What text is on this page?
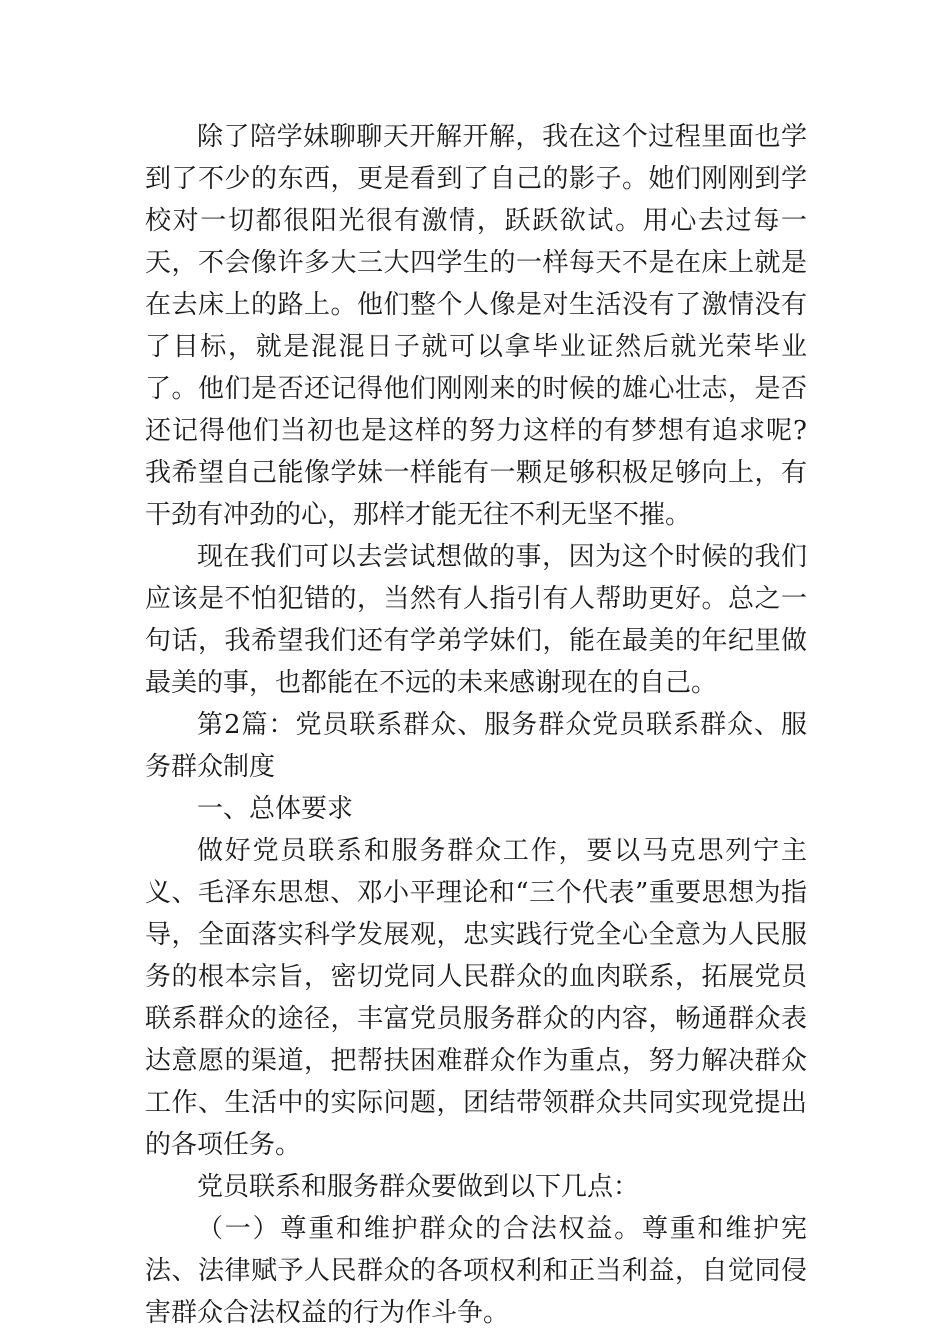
除了陪学妹聊聊天开解开解，我在这个过程里面也学到了不少的东西，更是看到了自己的影子。她们刚刚到学校对一切都很阳光很有激情，跃跃欲试。用心去过每一天，不会像许多大三大四学生的一样每天不是在床上就是在去床上的路上。他们整个人像是对生活没有了激情没有了目标，就是混混日子就可以拿毕业证然后就光荣毕业了。他们是否还记得他们刚刚来的时候的雄心壮志，是否还记得他们当初也是这样的努力这样的有梦想有追求呢?我希望自己能像学妹一样能有一颗足够积极足够向上，有干劲有冲劲的心，那样才能无往不利无坚不摧。

现在我们可以去尝试想做的事，因为这个时候的我们应该是不怕犯错的，当然有人指引有人帮助更好。总之一句话，我希望我们还有学弟学妹们，能在最美的年纪里做最美的事，也都能在不远的未来感谢现在的自己。

第2篇：党员联系群众、服务群众党员联系群众、服务群众制度

一、总体要求

做好党员联系和服务群众工作，要以马克思列宁主义、毛泽东思想、邓小平理论和“三个代表”重要思想为指导，全面落实科学发展观，忠实践行党全心全意为人民服务的根本宗旨，密切党同人民群众的血肉联系，拓展党员联系群众的途径，丰富党员服务群众的内容，畅通群众表达意愿的渠道，把帮扶困难群众作为重点，努力解决群众工作、生活中的实际问题，团结带领群众共同实现党提出的各项任务。

党员联系和服务群众要做到以下几点：

（一）尊重和维护群众的合法权益。尊重和维护宪法、法律赋予人民群众的各项权利和正当利益，自觉同侵害群众合法权益的行为作斗争。
